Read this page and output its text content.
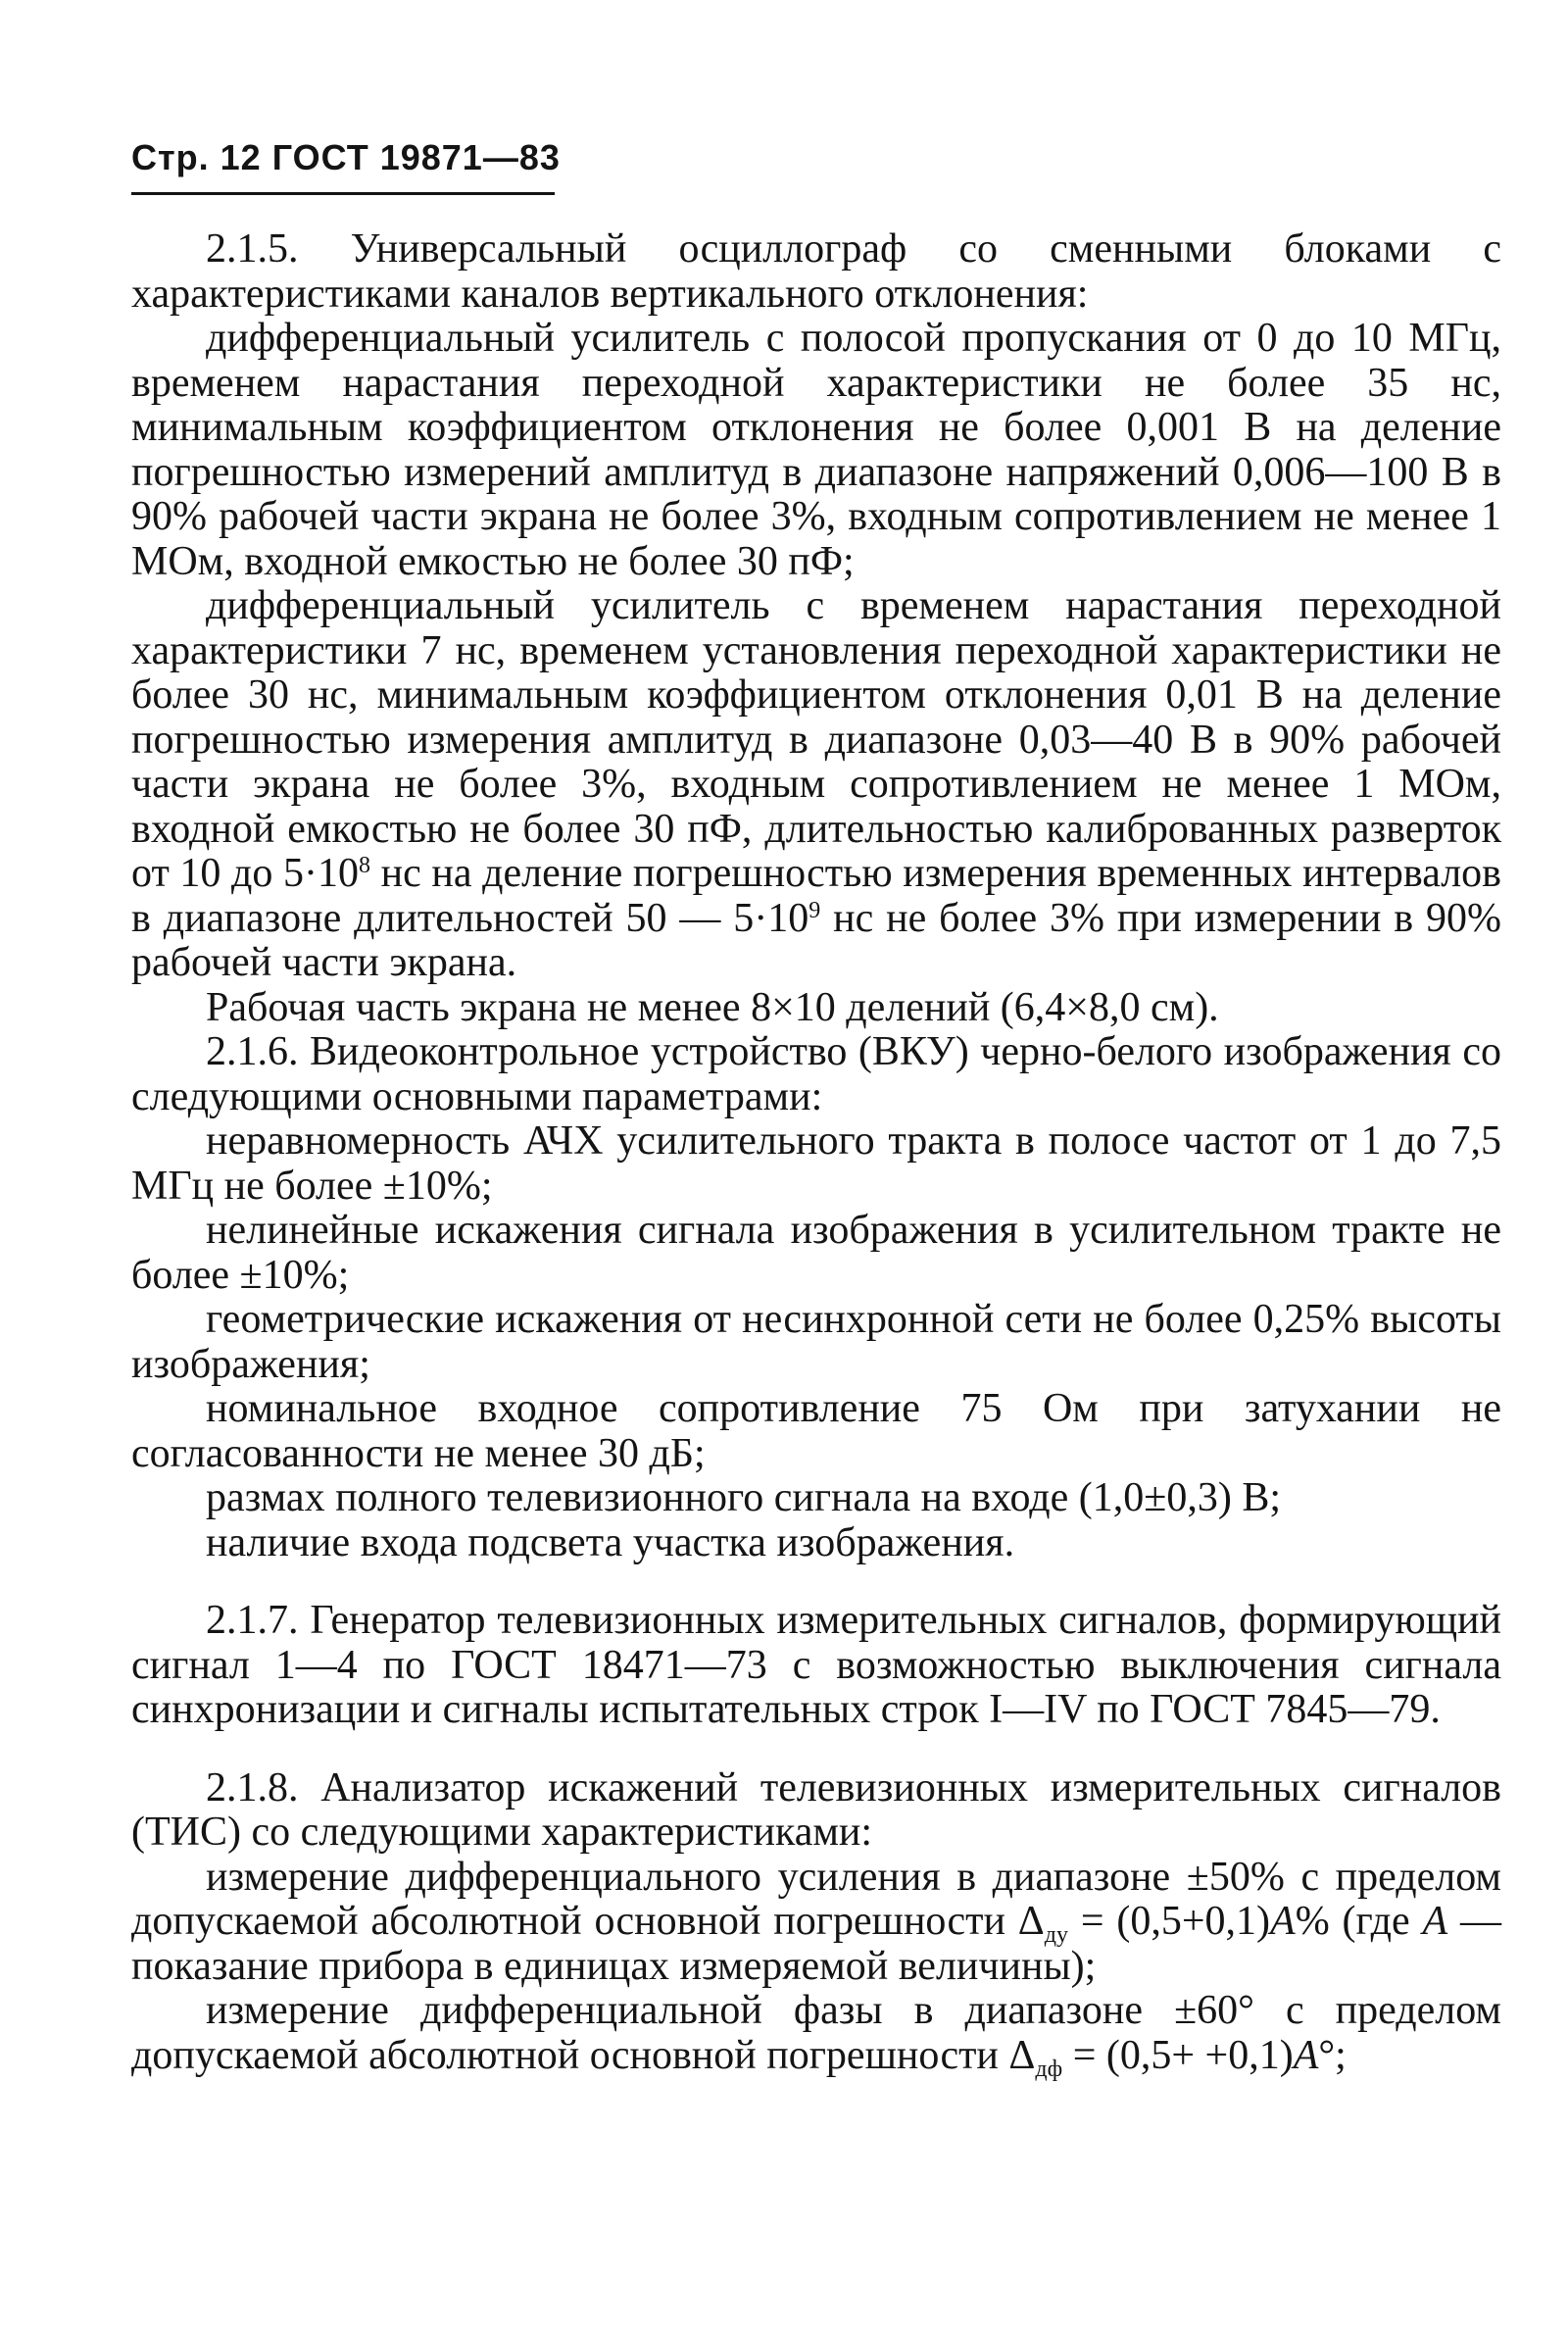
Стр. 12 ГОСТ 19871—83

2.1.5. Универсальный осциллограф со сменными блоками с характеристиками каналов вертикального отклонения:

дифференциальный усилитель с полосой пропускания от 0 до 10 МГц, временем нарастания переходной характеристики не более 35 нс, минимальным коэффициентом отклонения не более 0,001 В на деление погрешностью измерений амплитуд в диапазоне напряжений 0,006—100 В в 90% рабочей части экрана не более 3%, входным сопротивлением не менее 1 МОм, входной емкостью не более 30 пФ;

дифференциальный усилитель с временем нарастания переходной характеристики 7 нс, временем установления переходной характеристики не более 30 нс, минимальным коэффициентом отклонения 0,01 В на деление погрешностью измерения амплитуд в диапазоне 0,03—40 В в 90% рабочей части экрана не более 3%, входным сопротивлением не менее 1 МОм, входной емкостью не более 30 пФ, длительностью калиброванных разверток от 10 до $5\cdot 10^8$ нс на деление погрешностью измерения временных интервалов в диапазоне длительностей 50 — $5\cdot 10^9$ нс не более 3% при измерении в 90% рабочей части экрана.

Рабочая часть экрана не менее 8×10 делений (6,4×8,0 см).

2.1.6. Видеоконтрольное устройство (ВКУ) черно-белого изображения со следующими основными параметрами:

неравномерность АЧХ усилительного тракта в полосе частот от 1 до 7,5 МГц не более ±10%;

нелинейные искажения сигнала изображения в усилительном тракте не более ±10%;

геометрические искажения от несинхронной сети не более 0,25% высоты изображения;

номинальное входное сопротивление 75 Ом при затухании не согласованности не менее 30 дБ;

размах полного телевизионного сигнала на входе (1,0±0,3) В;

наличие входа подсвета участка изображения.

2.1.7. Генератор телевизионных измерительных сигналов, формирующий сигнал 1—4 по ГОСТ 18471—73 с возможностью выключения сигнала синхронизации и сигналы испытательных строк I—IV по ГОСТ 7845—79.

2.1.8. Анализатор искажений телевизионных измерительных сигналов (ТИС) со следующими характеристиками:

измерение дифференциального усиления в диапазоне ±50% с пределом допускаемой абсолютной основной погрешности $\Delta_{ду} = (0,5+0,1)A\%$ (где A — показание прибора в единицах измеряемой величины);

измерение дифференциальной фазы в диапазоне ±60° с пределом допускаемой абсолютной основной погрешности $\Delta_{дф} = (0,5+ +0,1)A^\circ$;
